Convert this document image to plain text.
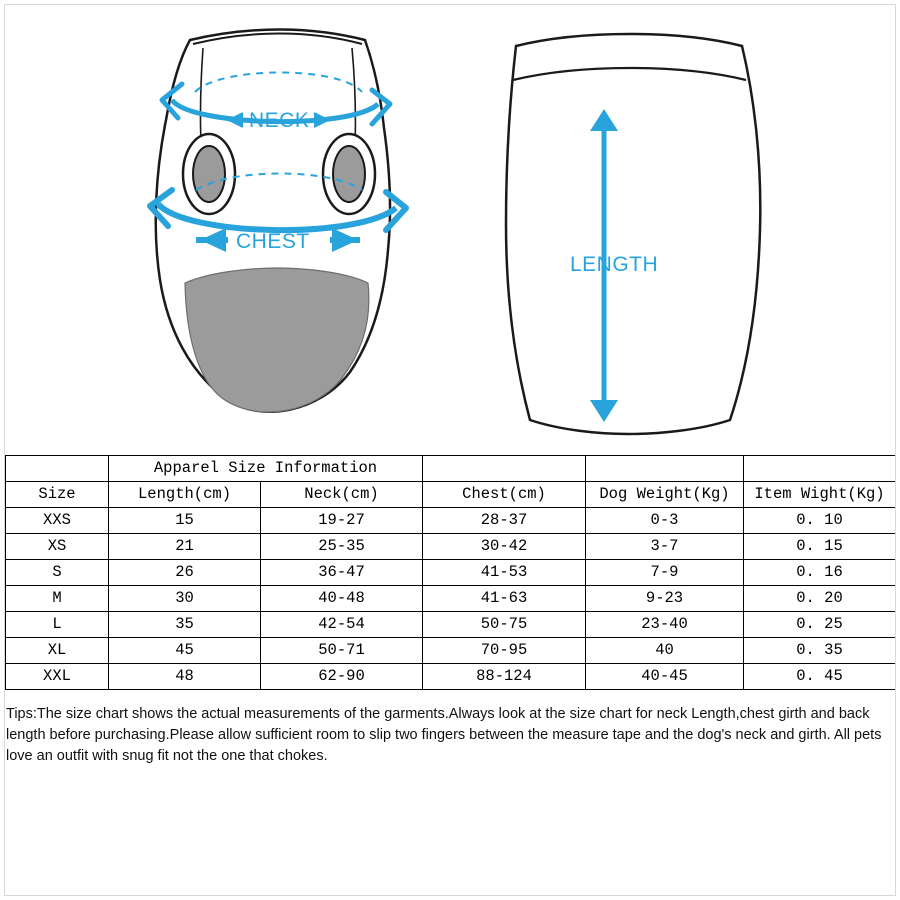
NECK
CHEST
LENGTH
	Apparel Size Information				
Size	Length(cm)	Neck(cm)	Chest(cm)	Dog Weight(Kg)	Item Wight(Kg)
XXS	15	19-27	28-37	0-3	0. 10
XS	21	25-35	30-42	3-7	0. 15
S	26	36-47	41-53	7-9	0. 16
M	30	40-48	41-63	9-23	0. 20
L	35	42-54	50-75	23-40	0. 25
XL	45	50-71	70-95	40	0. 35
XXL	48	62-90	88-124	40-45	0. 45

Tips:The size chart shows the actual measurements of the garments.Always look at the size chart for neck Length,chest girth and back length before purchasing.Please allow sufficient room to slip two fingers between the measure tape and the dog's neck and girth. All pets love an outfit with snug fit not the one that chokes.
